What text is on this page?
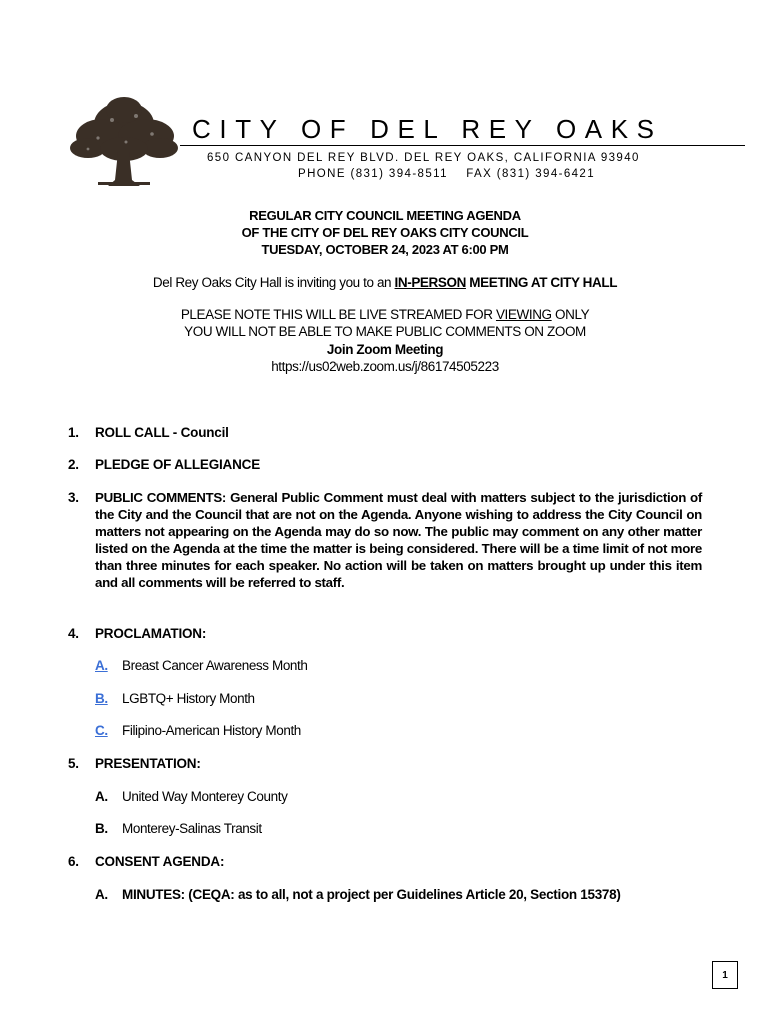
CITY OF DEL REY OAKS
650 CANYON DEL REY BLVD. DEL REY OAKS, CALIFORNIA 93940
PHONE (831) 394-8511    FAX (831) 394-6421
REGULAR CITY COUNCIL MEETING AGENDA
OF THE CITY OF DEL REY OAKS CITY COUNCIL
TUESDAY, OCTOBER 24, 2023 AT 6:00 PM
Del Rey Oaks City Hall is inviting you to an IN-PERSON MEETING AT CITY HALL
PLEASE NOTE THIS WILL BE LIVE STREAMED FOR VIEWING ONLY
YOU WILL NOT BE ABLE TO MAKE PUBLIC COMMENTS ON ZOOM
Join Zoom Meeting
https://us02web.zoom.us/j/86174505223
1. ROLL CALL - Council
2. PLEDGE OF ALLEGIANCE
3. PUBLIC COMMENTS: General Public Comment must deal with matters subject to the jurisdiction of the City and the Council that are not on the Agenda. Anyone wishing to address the City Council on matters not appearing on the Agenda may do so now. The public may comment on any other matter listed on the Agenda at the time the matter is being considered. There will be a time limit of not more than three minutes for each speaker. No action will be taken on matters brought up under this item and all comments will be referred to staff.
4. PROCLAMATION:
A. Breast Cancer Awareness Month
B. LGBTQ+ History Month
C. Filipino-American History Month
5. PRESENTATION:
A. United Way Monterey County
B. Monterey-Salinas Transit
6. CONSENT AGENDA:
A. MINUTES: (CEQA: as to all, not a project per Guidelines Article 20, Section 15378)
1
